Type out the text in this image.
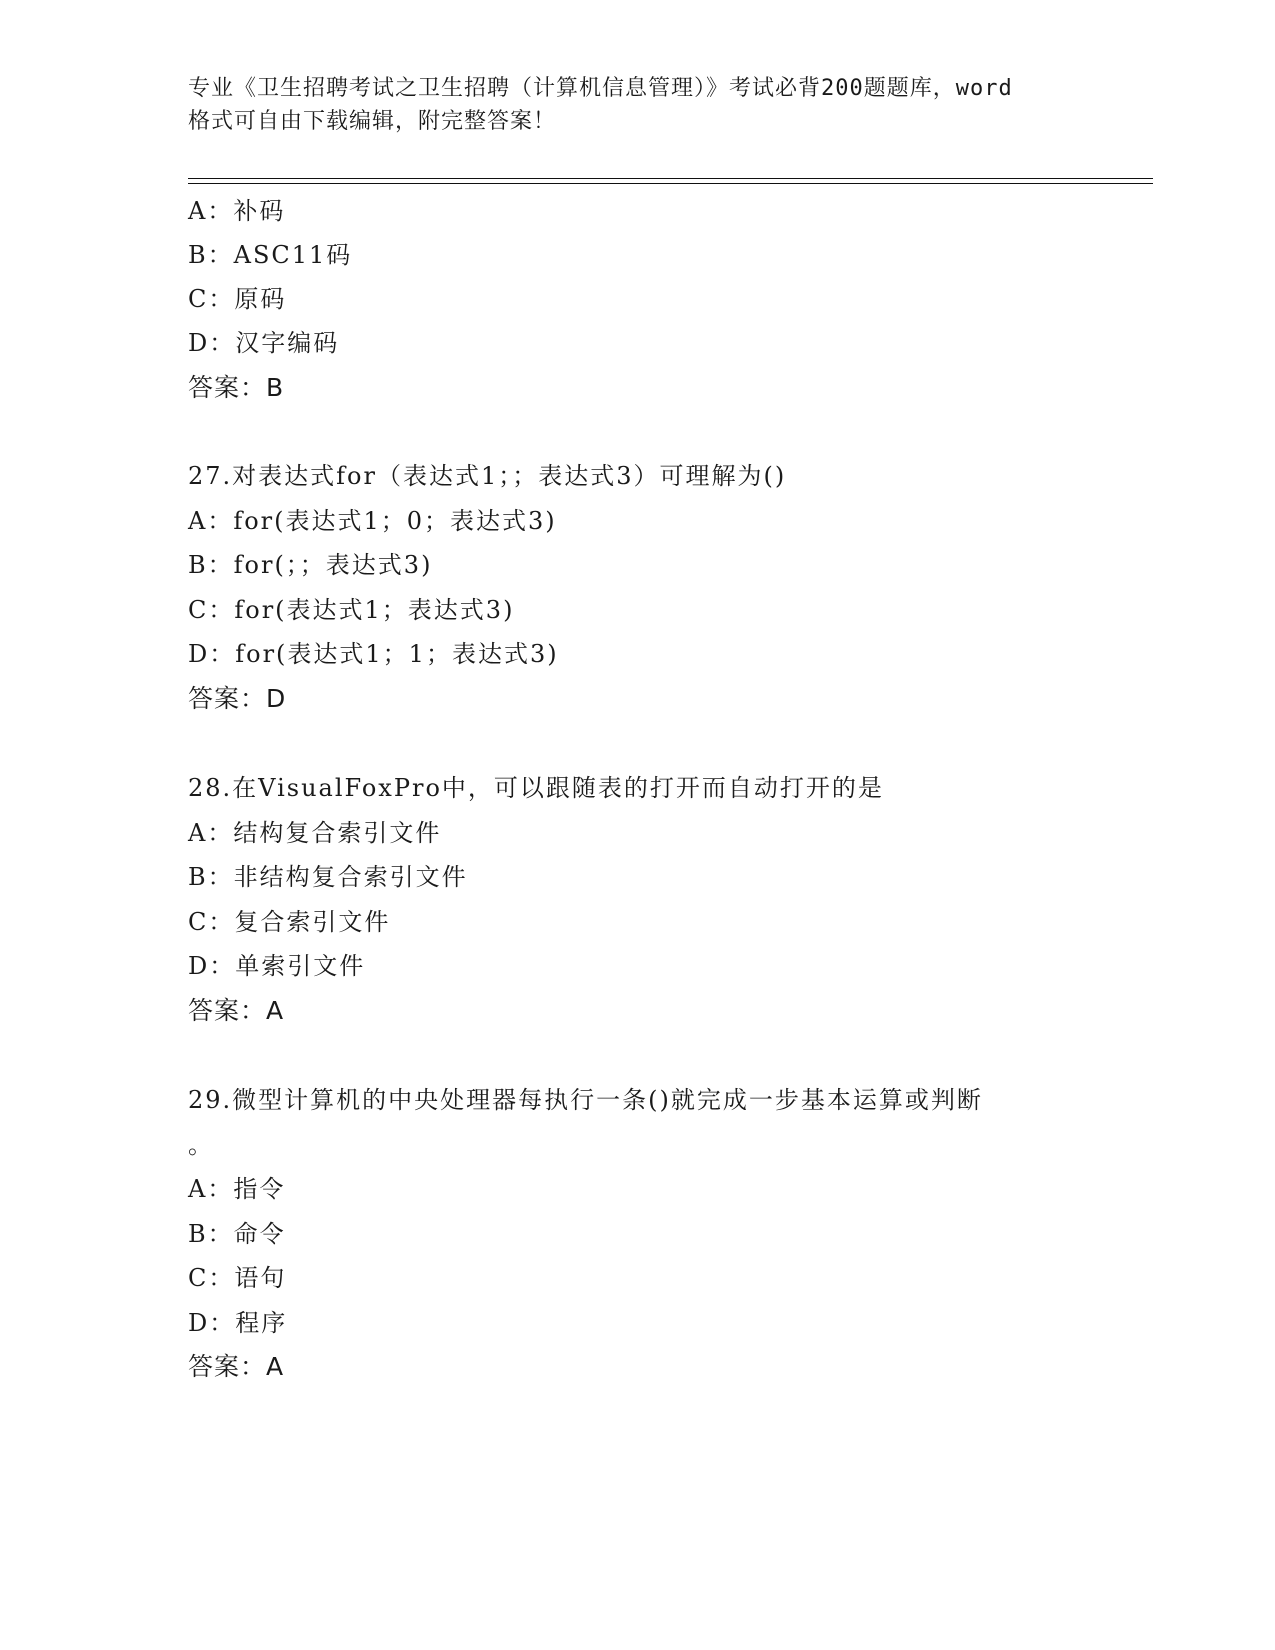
专业《卫生招聘考试之卫生招聘（计算机信息管理）》考试必背200题题库，word
格式可自由下载编辑，附完整答案！
A：补码
B：ASC11码
C：原码
D：汉字编码
答案：B
27.对表达式for（表达式1；；表达式3）可理解为()
A：for(表达式1；0；表达式3)
B：for(；；表达式3)
C：for(表达式1；表达式3)
D：for(表达式1；1；表达式3)
答案：D
28.在VisualFoxPro中，可以跟随表的打开而自动打开的是
A：结构复合索引文件
B：非结构复合索引文件
C：复合索引文件
D：单索引文件
答案：A
29.微型计算机的中央处理器每执行一条()就完成一步基本运算或判断
。
A：指令
B：命令
C：语句
D：程序
答案：A
